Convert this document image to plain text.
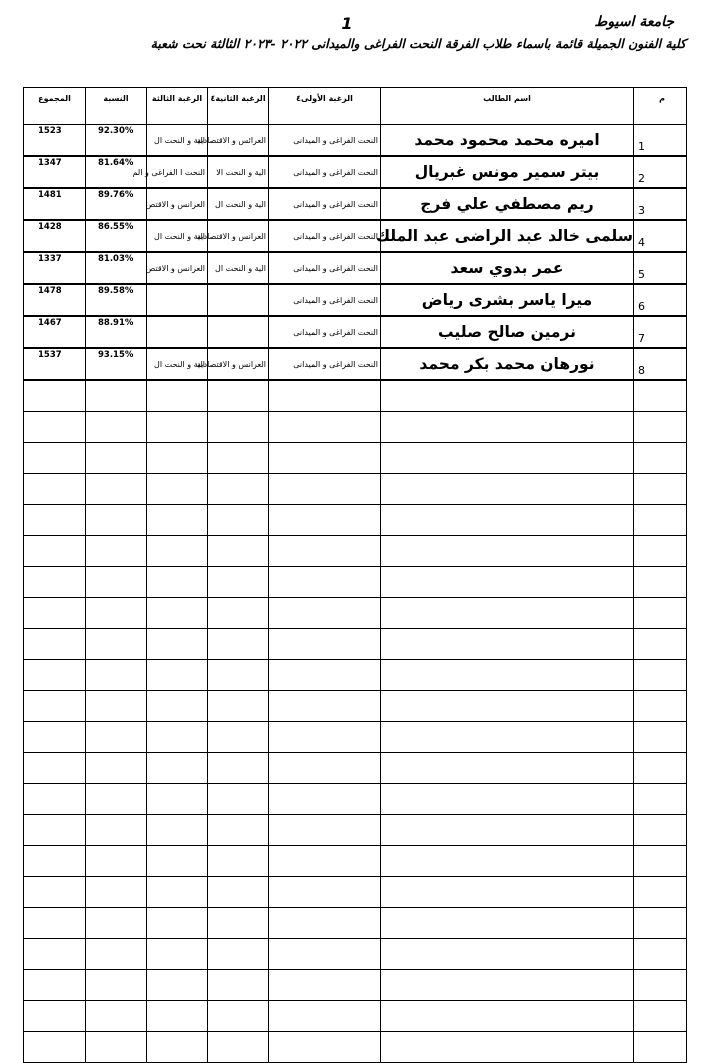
جامعة اسيوط
1
كلية الفنون الجميلة قائمة باسماء طلاب الفرقة النحت الفراغى والميدانى ٢٠٢٢ -٢٠٢٣ الثالثة نحت شعبة
المجموع	النسبة	الرغبة الثالثة	الرغبة الثانية٤	الرغبة الأولى٤	اسم الطالب	م
1523	92.30%	الية و النحت ال	العرائس و الاقتصادية	النحت الفراغى و الميدانى	اميره محمد محمود محمد	1
1347	81.64%	النحت ا الفراغى و الم	الية و النحت الا	النحت الفراغى و الميدانى	بيتر سمير مونس غبريال	2
1481	89.76%	العرانس و الاقتص	الية و النحت ال	النحت الفراغى و الميدانى	ريم مصطفي علي فرج	3
1428	86.55%	الية و النحت ال	العرانس و الاقتصادية	النحت الفراغى و الميدانى	سلمى خالد عبد الراضى عبد الملك	4
1337	81.03%	العرانس و الاقتص	الية و النحت ال	النحت الفراغى و الميدانى	عمر بدوي سعد	5
1478	89.58%			النحت الفراغى و الميدانى	ميرا ياسر بشرى رياض	6
1467	88.91%			النحت الفراغى و الميدانى	نرمين صالح صليب	7
1537	93.15%	الية و النحت ال	العرانس و الاقتصادية	النحت الفراغى و الميدانى	نورهان محمد بكر محمد	8
